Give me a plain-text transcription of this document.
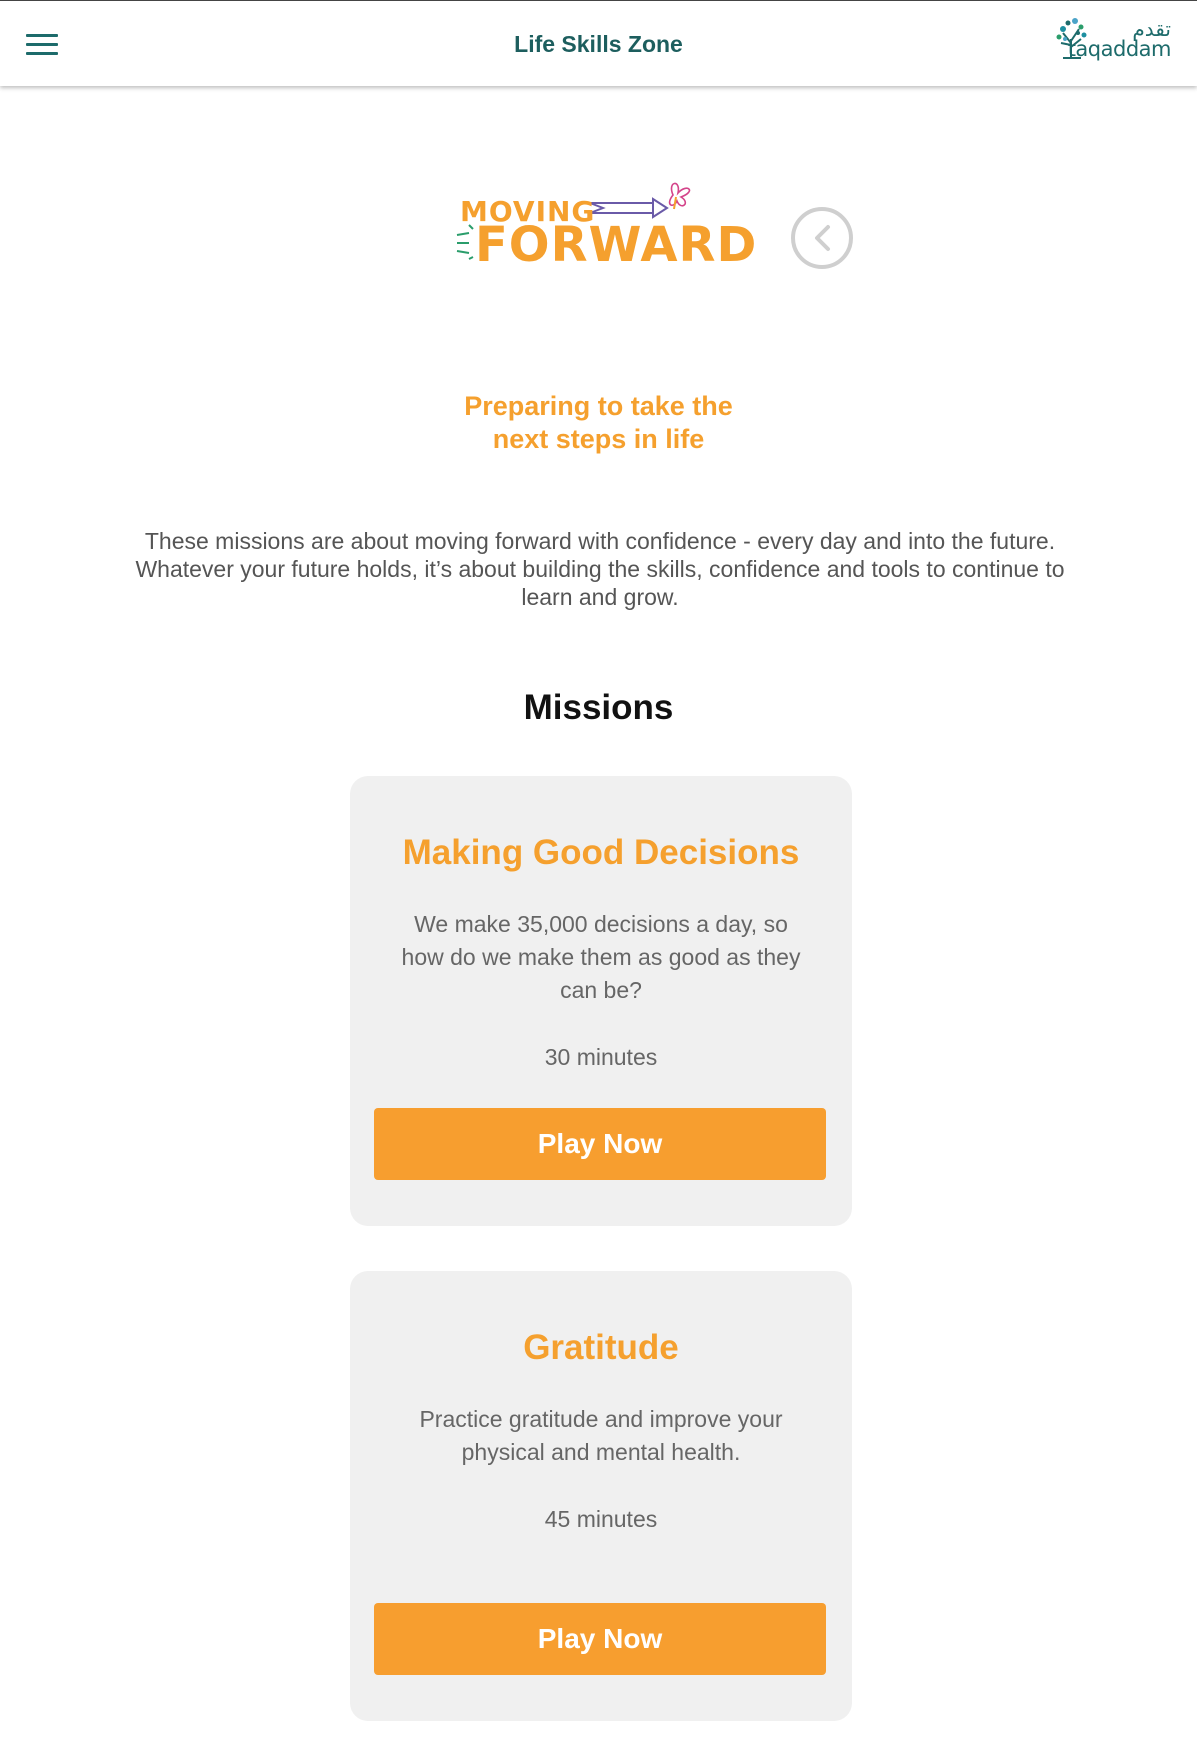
Life Skills Zone
تقدم
taqaddam
MOVING
FORWARD
Preparing to take the
next steps in life
These missions are about moving forward with confidence - every day and into the future. Whatever your future holds, it’s about building the skills, confidence and tools to continue to learn and grow.
Missions
Making Good Decisions
We make 35,000 decisions a day, so how do we make them as good as they can be?
30 minutes
Play Now
Gratitude
Practice gratitude and improve your physical and mental health.
45 minutes
Play Now
